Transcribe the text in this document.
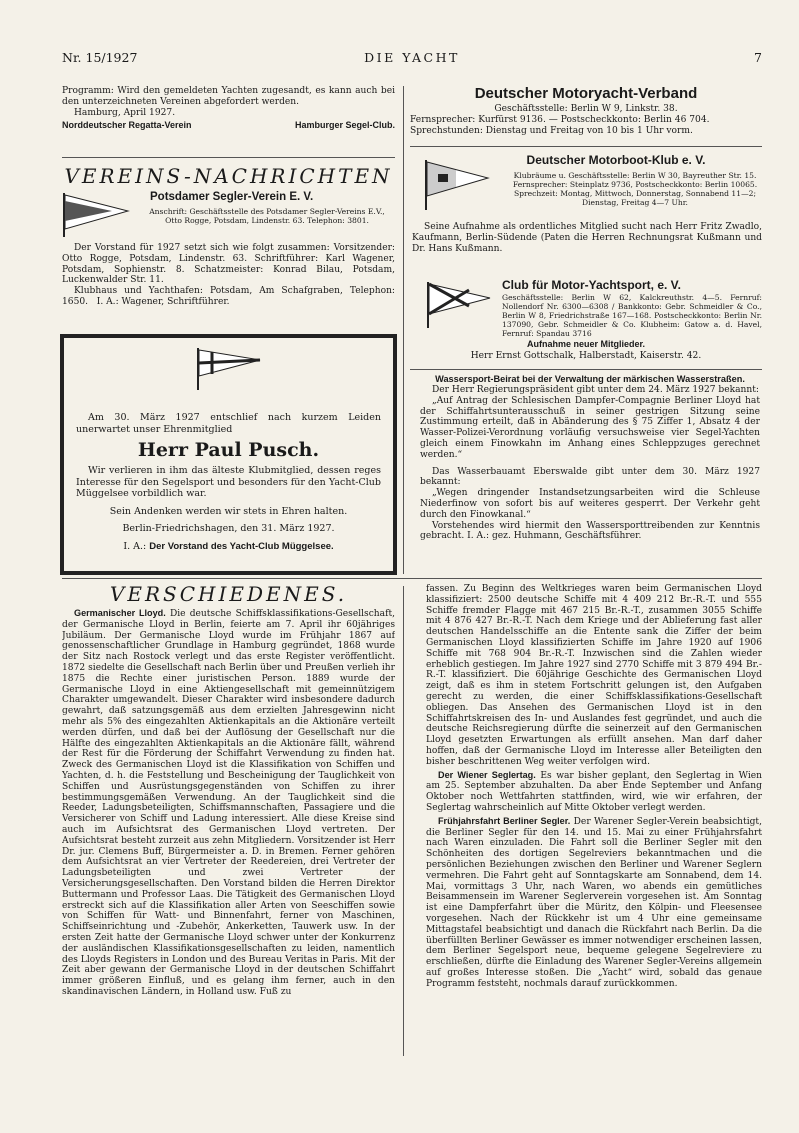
Nr. 15/1927	DIE YACHT	7

Programm: Wird den gemeldeten Yachten zugesandt, es kann auch bei den unterzeichneten Vereinen abgefordert werden.

Hamburg, April 1927.

Norddeutscher Regatta-Verein	Hamburger Segel-Club.
VEREINS-NACHRICHTEN
Potsdamer Segler-Verein E. V.
Anschrift: Geschäftsstelle des Potsdamer Segler-Vereins E.V., Otto Rogge, Potsdam, Lindenstr. 63. Telephon: 3801.

Der Vorstand für 1927 setzt sich wie folgt zusammen: Vorsitzender: Otto Rogge, Potsdam, Lindenstr. 63. Schriftführer: Karl Wagener, Potsdam, Sophienstr. 8. Schatzmeister: Konrad Bilau, Potsdam, Luckenwalder Str. 11.

Klubhaus und Yachthafen: Potsdam, Am Schafgraben, Telephon: 1650. I. A.: Wagener, Schriftführer.

Am 30. März 1927 entschlief nach kurzem Leiden unerwartet unser Ehrenmitglied

Herr Paul Pusch.

Wir verlieren in ihm das älteste Klubmitglied, dessen reges Interesse für den Segelsport und besonders für den Yacht-Club Müggelsee vorbildlich war.

Sein Andenken werden wir stets in Ehren halten.

Berlin-Friedrichshagen, den 31. März 1927.

I. A.: Der Vorstand des Yacht-Club Müggelsee.

Deutscher Motoryacht-Verband

Geschäftsstelle: Berlin W 9, Linkstr. 38.

Fernsprecher: Kurfürst 9136. — Postscheckkonto: Berlin 46 704.

Sprechstunden: Dienstag und Freitag von 10 bis 1 Uhr vorm.

Deutscher Motorboot-Klub e. V.
Klubräume u. Geschäftsstelle: Berlin W 30, Bayreuther Str. 15. Fernsprecher: Steinplatz 9736, Postscheckkonto: Berlin 10065. Sprechzeit: Montag, Mittwoch, Donnerstag, Sonnabend 11—2; Dienstag, Freitag 4—7 Uhr.

Seine Aufnahme als ordentliches Mitglied sucht nach Herr Fritz Zwadlo, Kaufmann, Berlin-Südende (Paten die Herren Rechnungsrat Kußmann und Dr. Hans Kußmann.

Club für Motor-Yachtsport, e. V.
Geschäftsstelle: Berlin W 62, Kalckreuthstr. 4—5. Fernruf: Nollendorf Nr. 6300—6308 / Bankkonto: Gebr. Schmeidler & Co., Berlin W 8, Friedrichstraße 167—168. Postscheckkonto: Berlin Nr. 137090, Gebr. Schmeidler & Co. Klubheim: Gatow a. d. Havel, Fernruf: Spandau 3716
Aufnahme neuer Mitglieder.

Herr Ernst Gottschalk, Halberstadt, Kaiserstr. 42.

Wassersport-Beirat bei der Verwaltung der märkischen Wasserstraßen.

Der Herr Regierungspräsident gibt unter dem 24. März 1927 bekannt:

„Auf Antrag der Schlesischen Dampfer-Compagnie Berliner Lloyd hat der Schiffahrtsunterausschuß in seiner gestrigen Sitzung seine Zustimmung erteilt, daß in Abänderung des § 75 Ziffer 1, Absatz 4 der Wasser-Polizei-Verordnung vorläufig versuchsweise vier Segel-Yachten gleich einem Finowkahn im Anhang eines Schleppzuges gerechnet werden.“

Das Wasserbauamt Eberswalde gibt unter dem 30. März 1927 bekannt:

„Wegen dringender Instandsetzungsarbeiten wird die Schleuse Niederfinow von sofort bis auf weiteres gesperrt. Der Verkehr geht durch den Finowkanal.“

Vorstehendes wird hiermit den Wassersporttreibenden zur Kenntnis gebracht. I. A.: gez. Huhmann, Geschäftsführer.

VERSCHIEDENES.

Germanischer Lloyd. Die deutsche Schiffsklassifikations-Gesellschaft, der Germanische Lloyd in Berlin, feierte am 7. April ihr 60jähriges Jubiläum. Der Germanische Lloyd wurde im Frühjahr 1867 auf genossenschaftlicher Grundlage in Hamburg gegründet, 1868 wurde der Sitz nach Rostock verlegt und das erste Register veröffentlicht. 1872 siedelte die Gesellschaft nach Berlin über und Preußen verlieh ihr 1875 die Rechte einer juristischen Person. 1889 wurde der Germanische Lloyd in eine Aktiengesellschaft mit gemeinnützigem Charakter umgewandelt. Dieser Charakter wird insbesondere dadurch gewahrt, daß satzungsgemäß aus dem erzielten Jahresgewinn nicht mehr als 5% des eingezahlten Aktienkapitals an die Aktionäre verteilt werden dürfen, und daß bei der Auflösung der Gesellschaft nur die Hälfte des eingezahlten Aktienkapitals an die Aktionäre fällt, während der Rest für die Förderung der Schiffahrt Verwendung zu finden hat. Zweck des Germanischen Lloyd ist die Klassifikation von Schiffen und Yachten, d. h. die Feststellung und Bescheinigung der Tauglichkeit von Schiffen und Ausrüstungsgegenständen von Schiffen zu ihrer bestimmungsgemäßen Verwendung. An der Tauglichkeit sind die Reeder, Ladungsbeteiligten, Schiffsmannschaften, Passagiere und die Versicherer von Schiff und Ladung interessiert. Alle diese Kreise sind auch im Aufsichtsrat des Germanischen Lloyd vertreten. Der Aufsichtsrat besteht zurzeit aus zehn Mitgliedern. Vorsitzender ist Herr Dr. jur. Clemens Buff, Bürgermeister a. D. in Bremen. Ferner gehören dem Aufsichtsrat an vier Vertreter der Reedereien, drei Vertreter der Ladungsbeteiligten und zwei Vertreter der Versicherungsgesellschaften. Den Vorstand bilden die Herren Direktor Buttermann und Professor Laas. Die Tätigkeit des Germanischen Lloyd erstreckt sich auf die Klassifikation aller Arten von Seeschiffen sowie von Schiffen für Watt- und Binnenfahrt, ferner von Maschinen, Schiffseinrichtung und -Zubehör, Ankerketten, Tauwerk usw. In der ersten Zeit hatte der Germanische Lloyd schwer unter der Konkurrenz der ausländischen Klassifikationsgesellschaften zu leiden, namentlich des Lloyds Registers in London und des Bureau Veritas in Paris. Mit der Zeit aber gewann der Germanische Lloyd in der deutschen Schiffahrt immer größeren Einfluß, und es gelang ihm ferner, auch in den skandinavischen Ländern, in Holland usw. Fuß zu

fassen. Zu Beginn des Weltkrieges waren beim Germanischen Lloyd klassifiziert: 2500 deutsche Schiffe mit 4 409 212 Br.-R.-T. und 555 Schiffe fremder Flagge mit 467 215 Br.-R.-T., zusammen 3055 Schiffe mit 4 876 427 Br.-R.-T. Nach dem Kriege und der Ablieferung fast aller deutschen Handelsschiffe an die Entente sank die Ziffer der beim Germanischen Lloyd klassifizierten Schiffe im Jahre 1920 auf 1906 Schiffe mit 768 904 Br.-R.-T. Inzwischen sind die Zahlen wieder erheblich gestiegen. Im Jahre 1927 sind 2770 Schiffe mit 3 879 494 Br.-R.-T. klassifiziert. Die 60jährige Geschichte des Germanischen Lloyd zeigt, daß es ihm in stetem Fortschritt gelungen ist, den Aufgaben gerecht zu werden, die einer Schiffsklassifikations-Gesellschaft obliegen. Das Ansehen des Germanischen Lloyd ist in den Schiffahrtskreisen des In- und Auslandes fest gegründet, und auch die deutsche Reichsregierung dürfte die seinerzeit auf den Germanischen Lloyd gesetzten Erwartungen als erfüllt ansehen. Man darf daher hoffen, daß der Germanische Lloyd im Interesse aller Beteiligten den bisher beschrittenen Weg weiter verfolgen wird.

Der Wiener Seglertag. Es war bisher geplant, den Seglertag in Wien am 25. September abzuhalten. Da aber Ende September und Anfang Oktober noch Wettfahrten stattfinden, wird, wie wir erfahren, der Seglertag wahrscheinlich auf Mitte Oktober verlegt werden.

Frühjahrsfahrt Berliner Segler. Der Warener Segler-Verein beabsichtigt, die Berliner Segler für den 14. und 15. Mai zu einer Frühjahrsfahrt nach Waren einzuladen. Die Fahrt soll die Berliner Segler mit den Schönheiten des dortigen Segelreviers bekanntmachen und die persönlichen Beziehungen zwischen den Berliner und Warener Seglern vermehren. Die Fahrt geht auf Sonntagskarte am Sonnabend, dem 14. Mai, vormittags 3 Uhr, nach Waren, wo abends ein gemütliches Beisammensein im Warener Seglerverein vorgesehen ist. Am Sonntag ist eine Dampferfahrt über die Müritz, den Kölpin- und Fleesensee vorgesehen. Nach der Rückkehr ist um 4 Uhr eine gemeinsame Mittagstafel beabsichtigt und danach die Rückfahrt nach Berlin. Da die überfüllten Berliner Gewässer es immer notwendiger erscheinen lassen, dem Berliner Segelsport neue, bequeme gelegene Segelreviere zu erschließen, dürfte die Einladung des Warener Segler-Vereins allgemein auf großes Interesse stoßen. Die „Yacht“ wird, sobald das genaue Programm feststeht, nochmals darauf zurückkommen.
